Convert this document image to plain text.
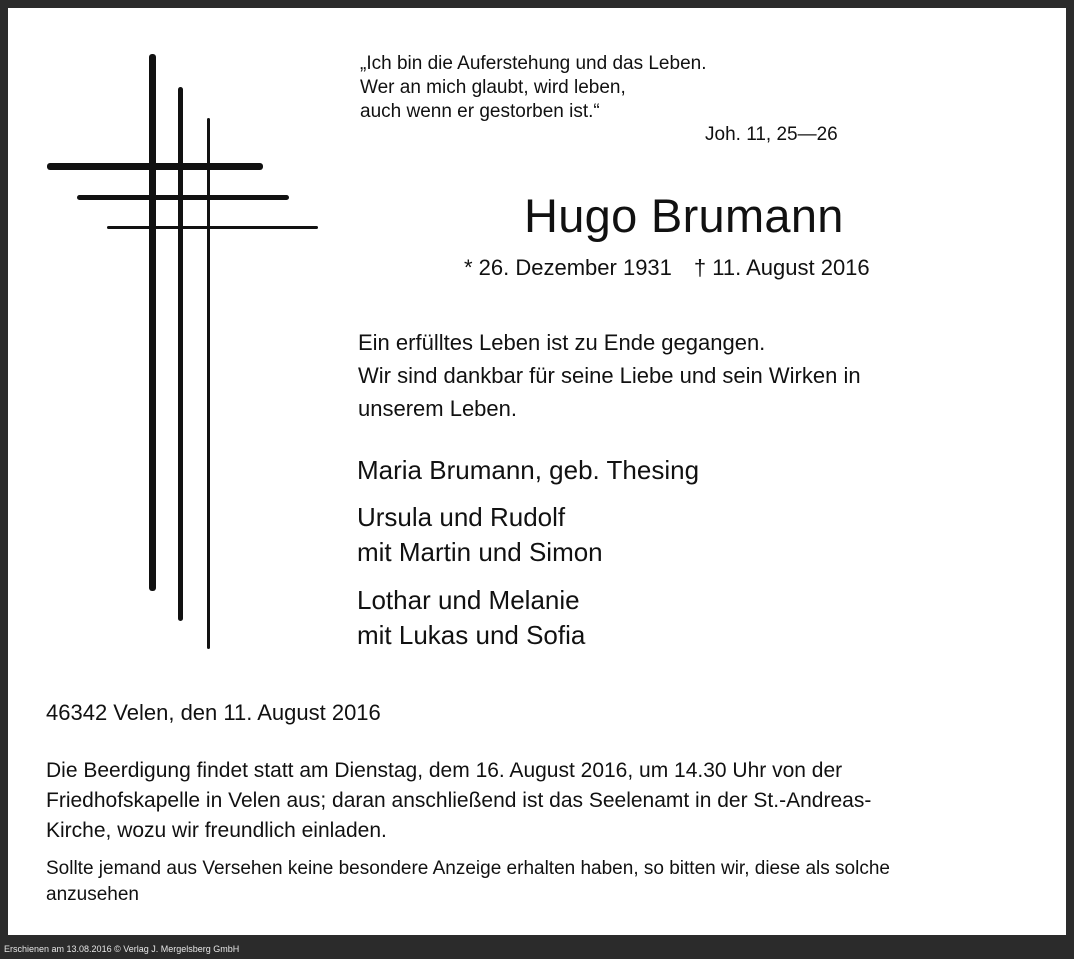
„Ich bin die Auferstehung und das Leben.
Wer an mich glaubt, wird leben,
auch wenn er gestorben ist.“
Joh. 11, 25—26
Hugo Brumann
* 26. Dezember 1931 † 11. August 2016
Ein erfülltes Leben ist zu Ende gegangen.
Wir sind dankbar für seine Liebe und sein Wirken in
unserem Leben.
Maria Brumann, geb. Thesing
Ursula und Rudolf
mit Martin und Simon
Lothar und Melanie
mit Lukas und Sofia
46342 Velen, den 11. August 2016
Die Beerdigung findet statt am Dienstag, dem 16. August 2016, um 14.30 Uhr von der
Friedhofskapelle in Velen aus; daran anschließend ist das Seelenamt in der St.-Andreas-
Kirche, wozu wir freundlich einladen.
Sollte jemand aus Versehen keine besondere Anzeige erhalten haben, so bitten wir, diese als solche
anzusehen
Erschienen am 13.08.2016 © Verlag J. Mergelsberg GmbH
